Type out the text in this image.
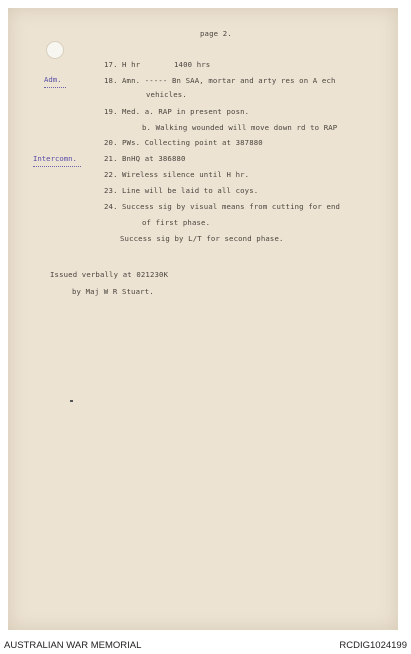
page 2.
17. H hr	1400 hrs
Adm.	18. Amn. ----- Bn SAA, mortar and arty res on A ech
vehicles.
19. Med. a. RAP in present posn.
b. Walking wounded will move down rd to RAP
20. PWs. Collecting point at 387880
Intercomn.	21. BnHQ at 386880
22. Wireless silence until H hr.
23. Line will be laid to all coys.
24. Success sig by visual means from cutting for end
of first phase.
Success sig by L/T for second phase.
Issued verbally at 021230K
by Maj W R Stuart.
AUSTRALIAN WAR MEMORIAL	RCDIG1024199
